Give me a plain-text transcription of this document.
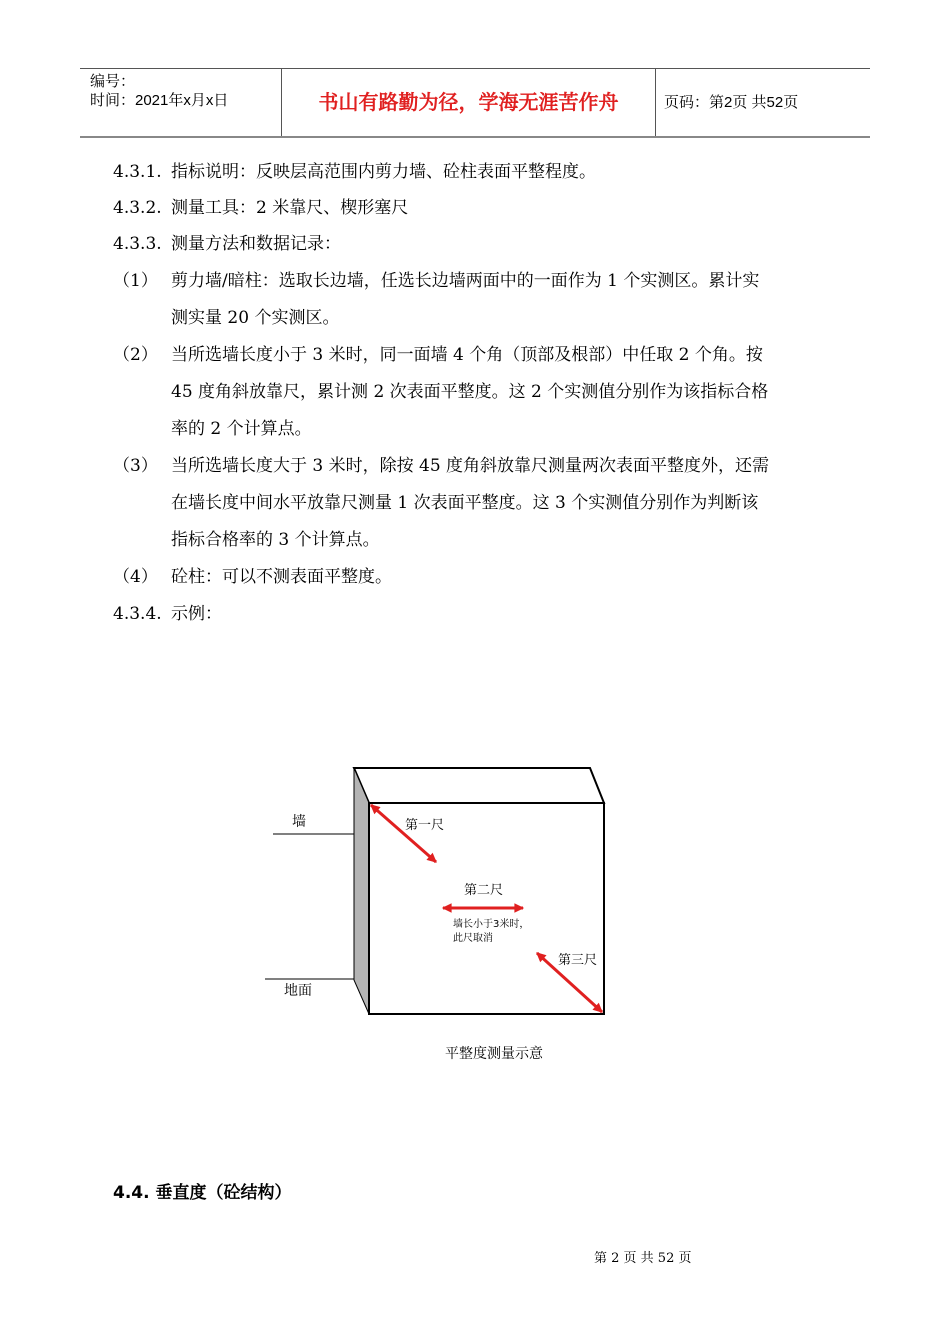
编号：
时间：2021年x月x日	书山有路勤为径，学海无涯苦作舟	页码：第2页 共52页
4.3.1. 指标说明：反映层高范围内剪力墙、砼柱表面平整程度。
4.3.2. 测量工具：2 米靠尺、楔形塞尺
4.3.3. 测量方法和数据记录：
（1） 剪力墙/暗柱：选取长边墙，任选长边墙两面中的一面作为 1 个实测区。累计实
测实量 20 个实测区。
（2） 当所选墙长度小于 3 米时，同一面墙 4 个角（顶部及根部）中任取 2 个角。按
45 度角斜放靠尺，累计测 2 次表面平整度。这 2 个实测值分别作为该指标合格
率的 2 个计算点。
（3） 当所选墙长度大于 3 米时，除按 45 度角斜放靠尺测量两次表面平整度外，还需
在墙长度中间水平放靠尺测量 1 次表面平整度。这 3 个实测值分别作为判断该
指标合格率的 3 个计算点。
（4） 砼柱：可以不测表面平整度。
4.3.4. 示例：
墙
地面
第一尺
第二尺
墙长小于3米时，
此尺取消
第三尺
平整度测量示意
4.4. 垂直度（砼结构）
第 2 页 共 52 页
